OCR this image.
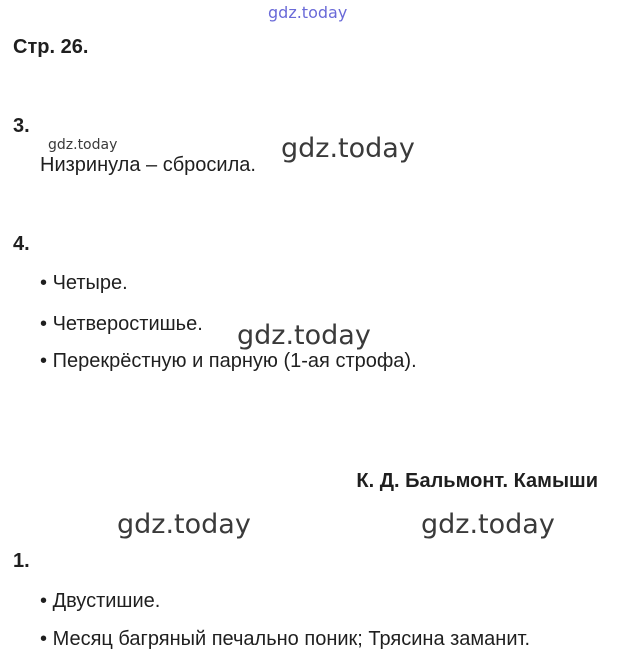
gdz.today
Стр. 26.
3.
gdz.today
Низринула – сбросила.
gdz.today
4.
• Четыре.
• Четверостишье. gdz.today
• Перекрёстную и парную (1-ая строфа).
К. Д. Бальмонт. Камыши
gdz.today	gdz.today
1.
• Двустишие.
• Месяц багряный печально поник; Трясина заманит.
